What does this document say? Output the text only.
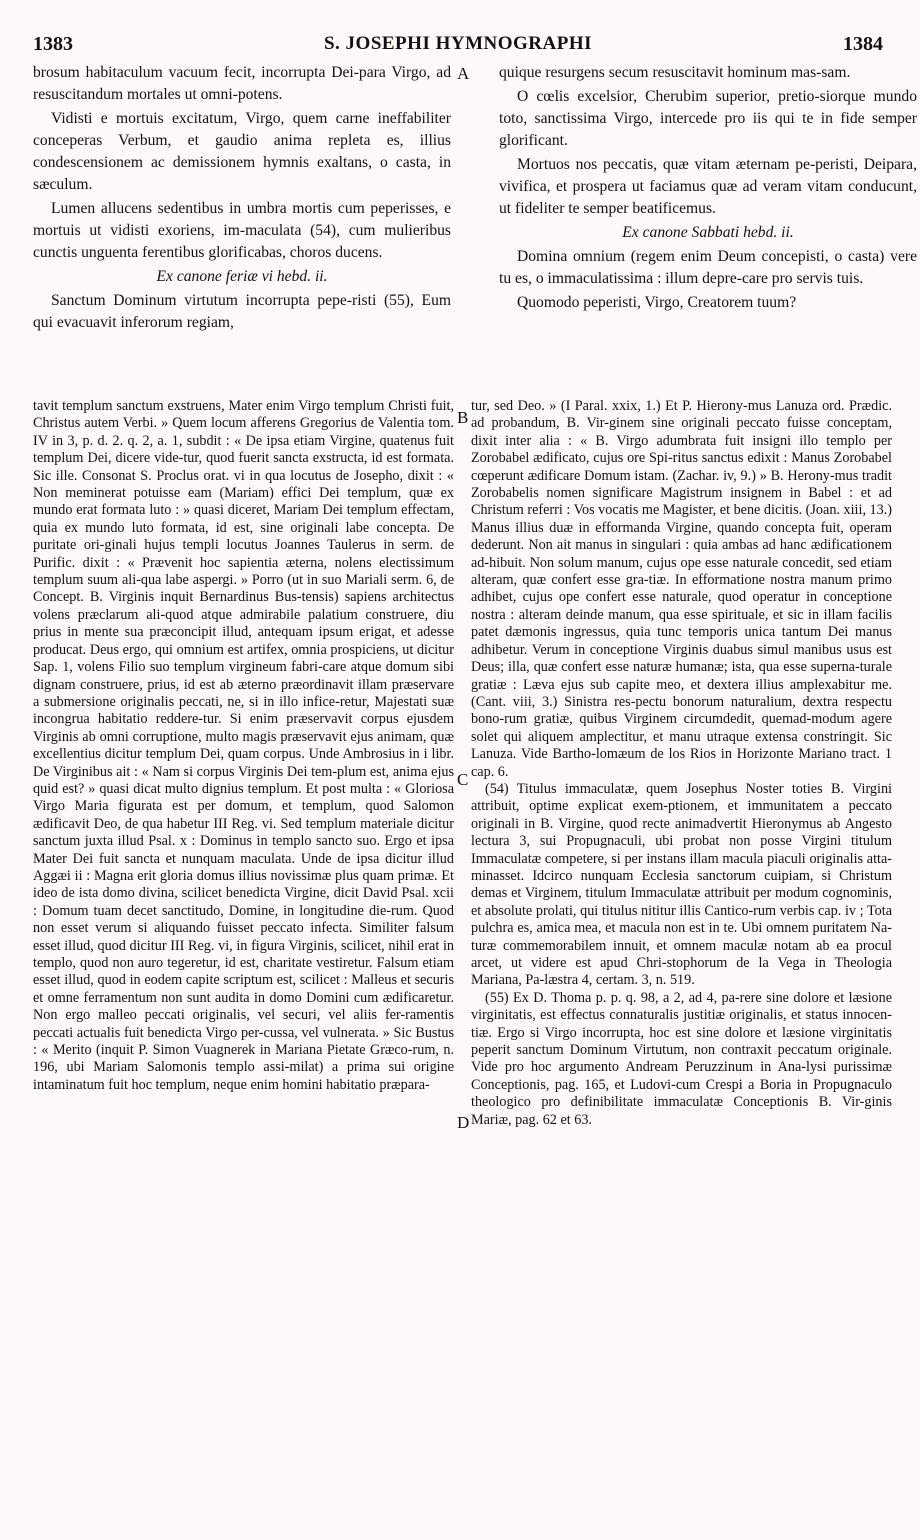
1383	S. JOSEPHI HYMNOGRAPHI	1384

brosum habitaculum vacuum fecit, incorrupta Dei-para Virgo, ad resuscitandum mortales ut omni-potens.

Vidisti e mortuis excitatum, Virgo, quem carne ineffabiliter conceperas Verbum, et gaudio anima repleta es, illius condescensionem ac demissionem hymnis exaltans, o casta, in sæculum.

Lumen allucens sedentibus in umbra mortis cum peperisses, e mortuis ut vidisti exoriens, im-maculata (54), cum mulieribus cunctis unguenta ferentibus glorificabas, choros ducens.

Ex canone feriæ vi hebd. ii.

Sanctum Dominum virtutum incorrupta pepe-risti (55), Eum qui evacuavit inferorum regiam,

A quique resurgens secum resuscitavit hominum mas-sam.

O cœlis excelsior, Cherubim superior, pretio-siorque mundo toto, sanctissima Virgo, intercede pro iis qui te in fide semper glorificant.

Mortuos nos peccatis, quæ vitam æternam pe-peristi, Deipara, vivifica, et prospera ut faciamus quæ ad veram vitam conducunt, ut fideliter te semper beatificemus.

Ex canone Sabbati hebd. ii.

Domina omnium (regem enim Deum concepisti, o casta) vere tu es, o immaculatissima : illum depre-care pro servis tuis.

Quomodo peperisti, Virgo, Creatorem tuum?

tavit templum sanctum exstruens, Mater enim Virgo templum Christi fuit, Christus autem Verbi. » Quem locum afferens Gregorius de Valentia tom. IV in 3, p. d. 2. q. 2, a. 1, subdit : « De ipsa etiam Virgine, quatenus fuit templum Dei, dicere vide-tur, quod fuerit sancta exstructa, id est formata. Sic ille. Consonat S. Proclus orat. vi in qua locutus de Josepho, dixit : « Non meminerat potuisse eam (Mariam) effici Dei templum, quæ ex mundo erat formata luto : » quasi diceret, Mariam Dei templum effectam, quia ex mundo luto formata, id est, sine originali labe concepta. De puritate ori-ginali hujus templi locutus Joannes Taulerus in serm. de Purific. dixit : « Prævenit hoc sapientia æterna, nolens electissimum templum suum ali-qua labe aspergi. » Porro (ut in suo Mariali serm. 6, de Concept. B. Virginis inquit Bernardinus Bus-tensis) sapiens architectus volens præclarum ali-quod atque admirabile palatium construere, diu prius in mente sua præconcipit illud, antequam ipsum erigat, et adesse producat. Deus ergo, qui omnium est artifex, omnia prospiciens, ut dicitur Sap. 1, volens Filio suo templum virgineum fabri-care atque domum sibi dignam construere, prius, id est ab æterno præordinavit illam præservare a submersione originalis peccati, ne, si in illo infice-retur, Majestati suæ incongrua habitatio reddere-tur. Si enim præservavit corpus ejusdem Virginis ab omni corruptione, multo magis præservavit ejus animam, quæ excellentius dicitur templum Dei, quam corpus. Unde Ambrosius in i libr. De Virginibus ait : « Nam si corpus Virginis Dei tem-plum est, anima ejus quid est? » quasi dicat multo dignius templum. Et post multa : « Gloriosa Virgo Maria figurata est per domum, et templum, quod Salomon ædificavit Deo, de qua habetur III Reg. vi. Sed templum materiale dicitur sanctum juxta illud Psal. x : Dominus in templo sancto suo. Ergo et ipsa Mater Dei fuit sancta et nunquam maculata. Unde de ipsa dicitur illud Aggæi ii : Magna erit gloria domus illius novissimæ plus quam primæ. Et ideo de ista domo divina, scilicet benedicta Virgine, dicit David Psal. xcii : Domum tuam decet sanctitudo, Domine, in longitudine die-rum. Quod non esset verum si aliquando fuisset peccato infecta. Similiter falsum esset illud, quod dicitur III Reg. vi, in figura Virginis, scilicet, nihil erat in templo, quod non auro tegeretur, id est, charitate vestiretur. Falsum etiam esset illud, quod in eodem capite scriptum est, scilicet : Malleus et securis et omne ferramentum non sunt audita in domo Domini cum ædificaretur. Non ergo malleo peccati originalis, vel securi, vel aliis fer-ramentis peccati actualis fuit benedicta Virgo per-cussa, vel vulnerata. » Sic Bustus : « Merito (inquit P. Simon Vuagnerek in Mariana Pietate Græco-rum, n. 196, ubi Mariam Salomonis templo assi-milat) a prima sui origine intaminatum fuit hoc templum, neque enim homini habitatio præpara-

B
C
D

tur, sed Deo. » (I Paral. xxix, 1.) Et P. Hierony-mus Lanuza ord. Prædic. ad probandum, B. Vir-ginem sine originali peccato fuisse conceptam, dixit inter alia : « B. Virgo adumbrata fuit insigni illo templo per Zorobabel ædificato, cujus ore Spi-ritus sanctus edixit : Manus Zorobabel cœperunt ædificare Domum istam. (Zachar. iv, 9.) » B. Herony-mus tradit Zorobabelis nomen significare Magistrum insignem in Babel : et ad Christum referri : Vos vocatis me Magister, et bene dicitis. (Joan. xiii, 13.) Manus illius duæ in efformanda Virgine, quando concepta fuit, operam dederunt. Non ait manus in singulari : quia ambas ad hanc ædificationem ad-hibuit. Non solum manum, cujus ope esse naturale concedit, sed etiam alteram, quæ confert esse gra-tiæ. In efformatione nostra manum primo adhibet, cujus ope confert esse naturale, quod operatur in conceptione nostra : alteram deinde manum, qua esse spirituale, et sic in illam facilis patet dæmonis ingressus, quia tunc temporis unica tantum Dei manus adhibetur. Verum in conceptione Virginis duabus simul manibus usus est Deus; illa, quæ confert esse naturæ humanæ; ista, qua esse superna-turale gratiæ : Læva ejus sub capite meo, et dextera illius amplexabitur me. (Cant. viii, 3.) Sinistra res-pectu bonorum naturalium, dextra respectu bono-rum gratiæ, quibus Virginem circumdedit, quemad-modum agere solet qui aliquem amplectitur, et manu utraque extensa constringit. Sic Lanuza. Vide Bartho-lomæum de los Rios in Horizonte Mariano tract. 1 cap. 6.

(54) Titulus immaculatæ, quem Josephus Noster toties B. Virgini attribuit, optime explicat exem-ptionem, et immunitatem a peccato originali in B. Virgine, quod recte animadvertit Hieronymus ab Angesto lectura 3, sui Propugnaculi, ubi probat non posse Virgini titulum Immaculatæ competere, si per instans illam macula piaculi originalis atta-minasset. Idcirco nunquam Ecclesia sanctorum cuipiam, si Christum demas et Virginem, titulum Immaculatæ attribuit per modum cognominis, et absolute prolati, qui titulus nititur illis Cantico-rum verbis cap. iv ; Tota pulchra es, amica mea, et macula non est in te. Ubi omnem puritatem Na-turæ commemorabilem innuit, et omnem maculæ notam ab ea procul arcet, ut videre est apud Chri-stophorum de la Vega in Theologia Mariana, Pa-læstra 4, certam. 3, n. 519.

(55) Ex D. Thoma p. p. q. 98, a 2, ad 4, pa-rere sine dolore et læsione virginitatis, est effectus connaturalis justitiæ originalis, et status innocen-tiæ. Ergo si Virgo incorrupta, hoc est sine dolore et læsione virginitatis peperit sanctum Dominum Virtutum, non contraxit peccatum originale. Vide pro hoc argumento Andream Peruzzinum in Ana-lysi purissimæ Conceptionis, pag. 165, et Ludovi-cum Crespi a Boria in Propugnaculo theologico pro definibilitate immaculatæ Conceptionis B. Vir-ginis Mariæ, pag. 62 et 63.
